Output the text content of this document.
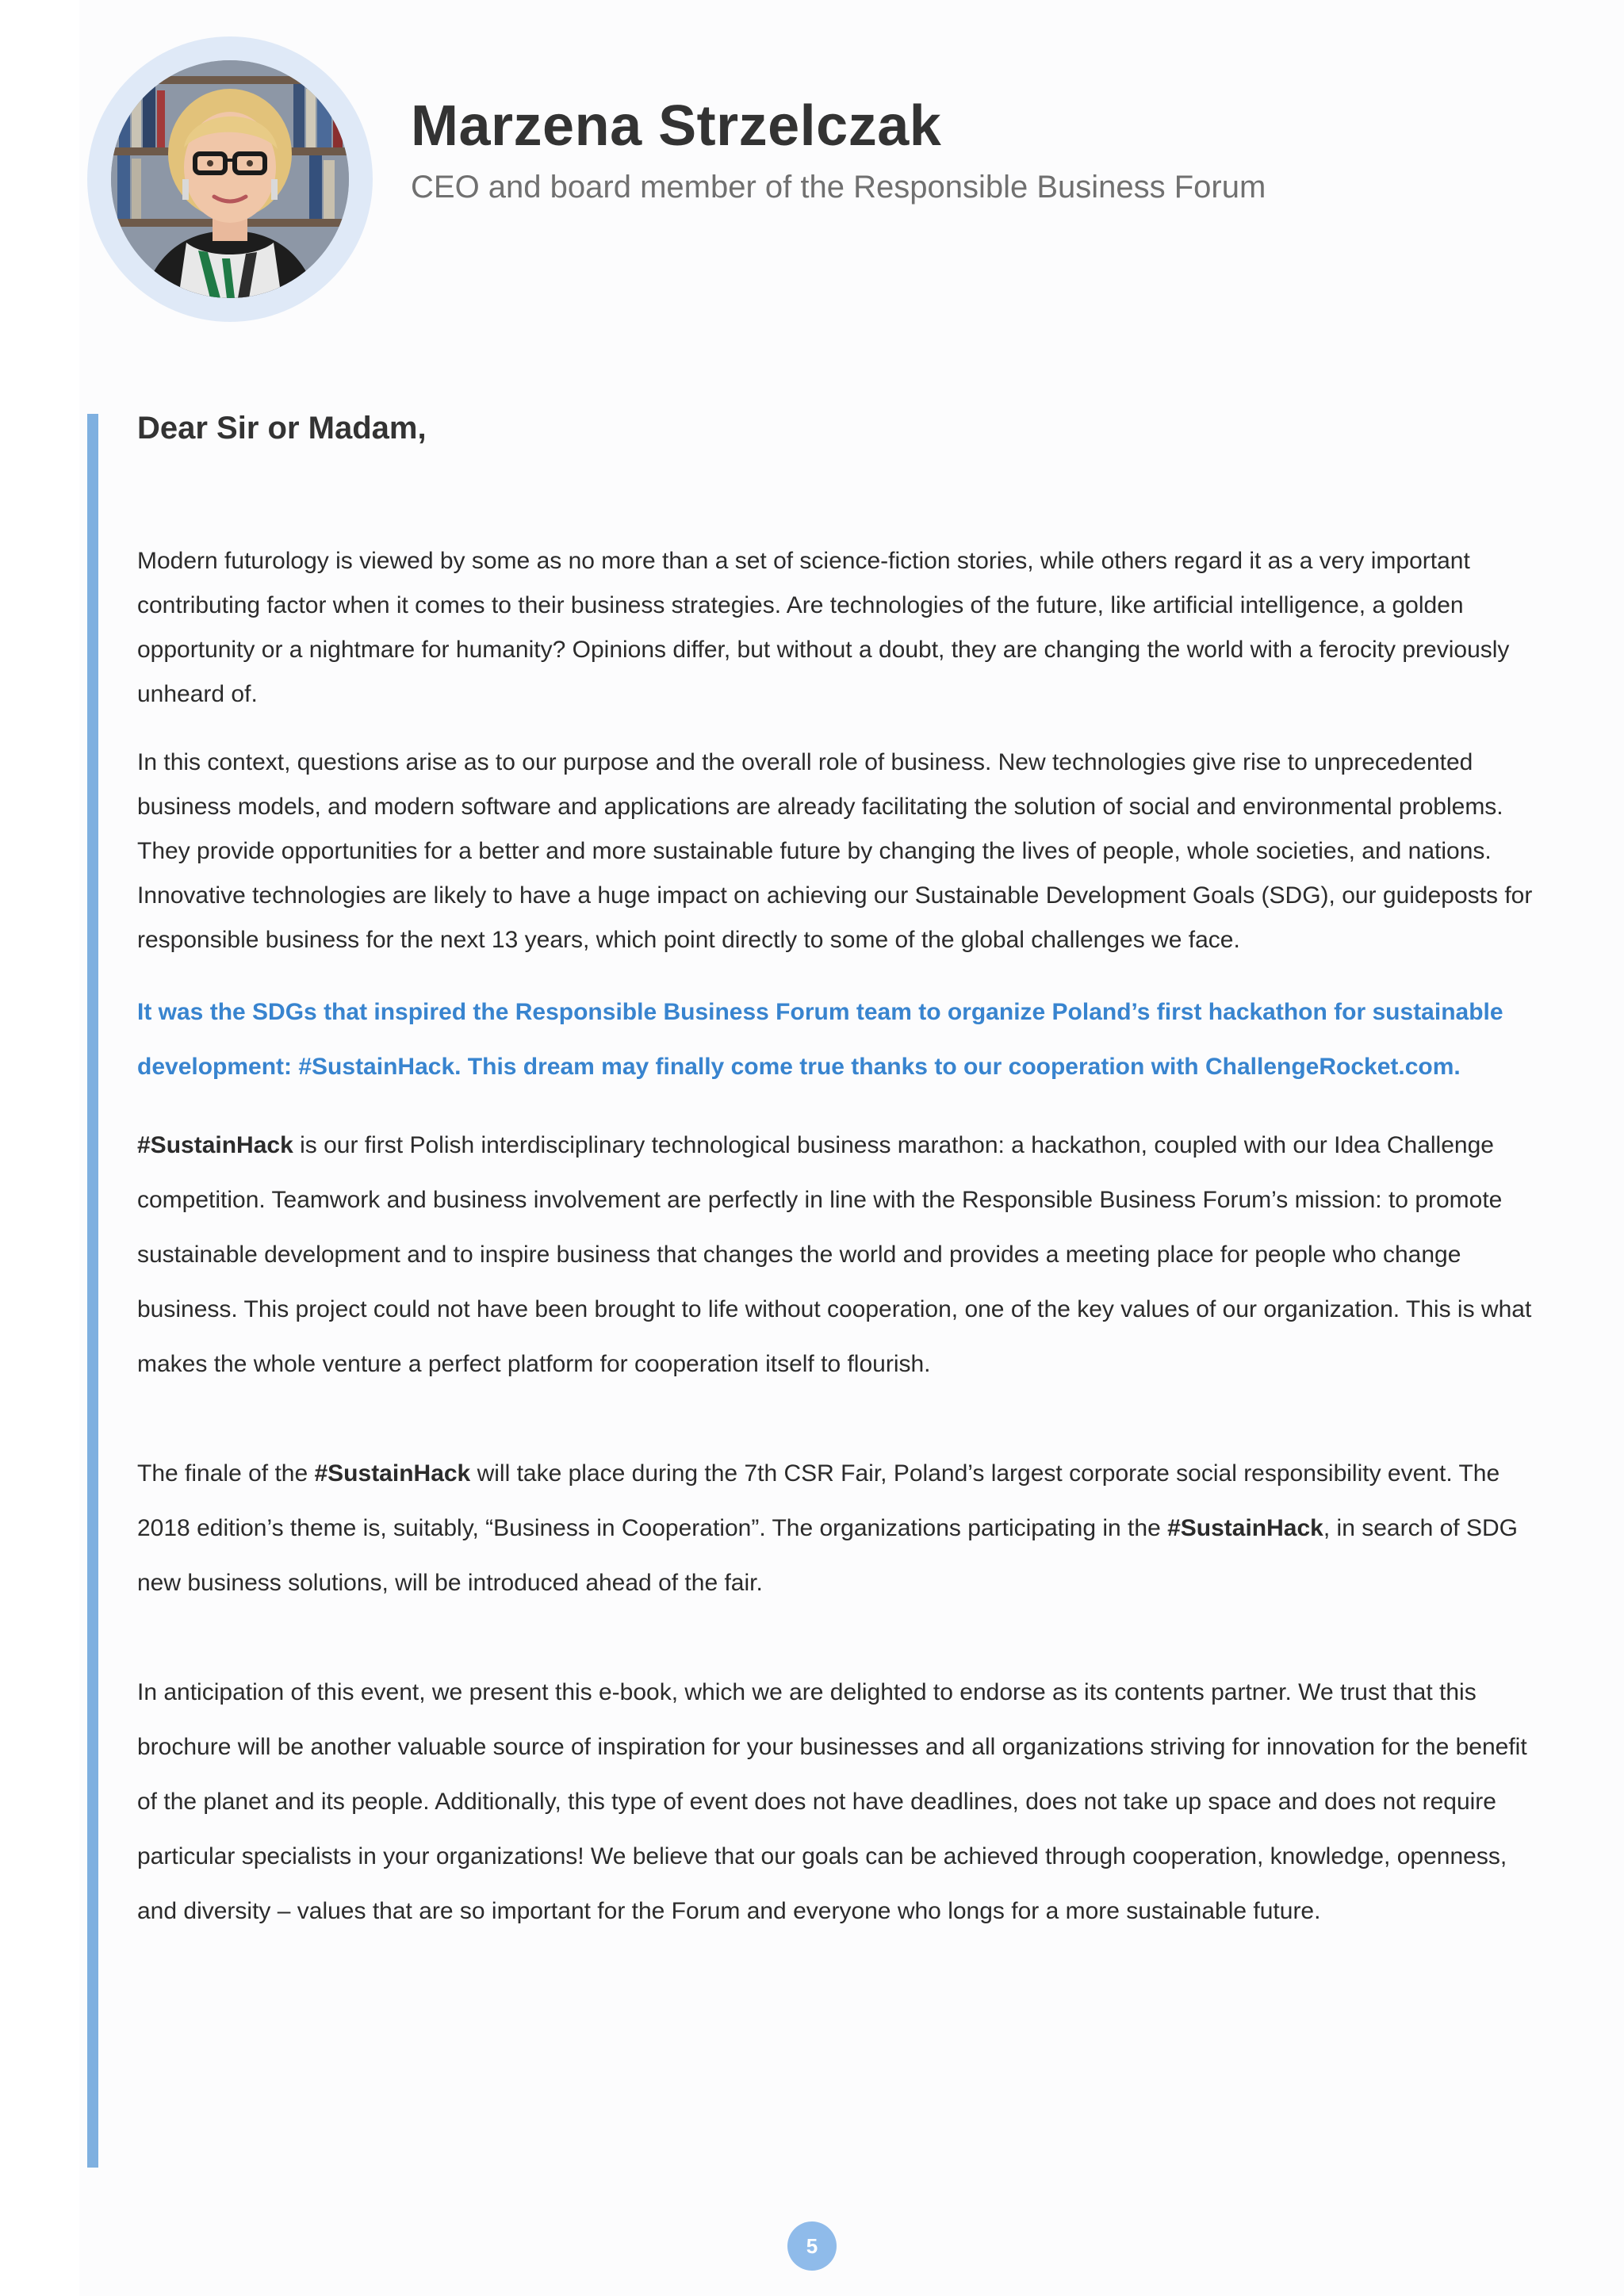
Marzena Strzelczak
CEO and board member of the Responsible Business Forum

Dear Sir or Madam,

Modern futurology is viewed by some as no more than a set of science-fiction stories, while others regard it as a very important contributing factor when it comes to their business strategies. Are technologies of the future, like artificial intelligence, a golden opportunity or a nightmare for humanity? Opinions differ, but without a doubt, they are changing the world with a ferocity previously unheard of.

In this context, questions arise as to our purpose and the overall role of business. New technologies give rise to unprecedented business models, and modern software and applications are already facilitating the solution of social and environmental problems. They provide opportunities for a better and more sustainable future by changing the lives of people, whole societies, and nations. Innovative technologies are likely to have a huge impact on achieving our Sustainable Development Goals (SDG), our guideposts for responsible business for the next 13 years, which point directly to some of the global challenges we face.

It was the SDGs that inspired the Responsible Business Forum team to organize Poland’s first hackathon for sustainable development: #SustainHack. This dream may finally come true thanks to our cooperation with ChallengeRocket.com.

#SustainHack is our first Polish interdisciplinary technological business marathon: a hackathon, coupled with our Idea Challenge competition. Teamwork and business involvement are perfectly in line with the Responsible Business Forum’s mission: to promote sustainable development and to inspire business that changes the world and provides a meeting place for people who change business. This project could not have been brought to life without cooperation, one of the key values of our organization. This is what makes the whole venture a perfect platform for cooperation itself to flourish.

The finale of the #SustainHack will take place during the 7th CSR Fair, Poland’s largest corporate social responsibility event. The 2018 edition’s theme is, suitably, “Business in Cooperation”. The organizations participating in the #SustainHack, in search of SDG new business solutions, will be introduced ahead of the fair.

In anticipation of this event, we present this e-book, which we are delighted to endorse as its contents partner. We trust that this brochure will be another valuable source of inspiration for your businesses and all organizations striving for innovation for the benefit of the planet and its people. Additionally, this type of event does not have deadlines, does not take up space and does not require particular specialists in your organizations! We believe that our goals can be achieved through cooperation, knowledge, openness, and diversity – values that are so important for the Forum and everyone who longs for a more sustainable future.

5
